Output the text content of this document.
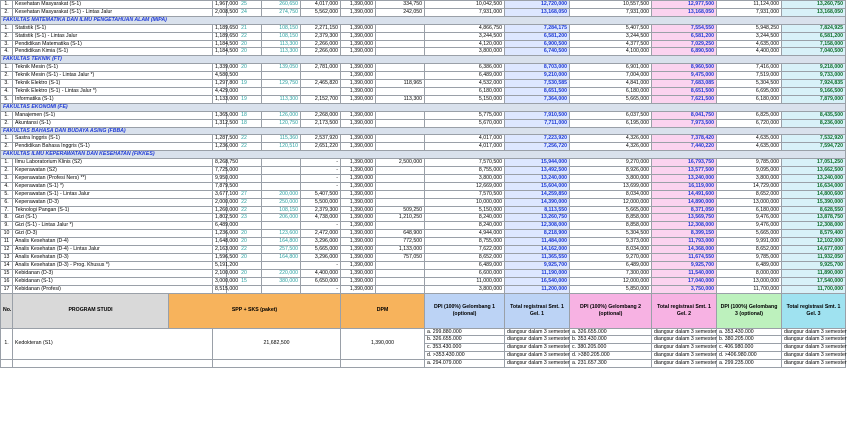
1.	Kesehatan Masyarakat (S-1)		1,967,000	25	260,650	4,017,000	1,390,000	334,750	10,042,500	12,720,000	10,557,500	12,977,500	11,124,000	13,260,750
2.	Kesehatan Masyarakat (S-1) - Lintas Jalur		2,008,500	24	274,750	5,562,000	1,390,000	242,050	7,931,000	13,168,050	7,931,000	13,168,050	7,931,000	13,168,050
FAKULTAS MATEMATIKA DAN ILMU PENGETAHUAN ALAM (MIPA)														
1.	Statistik (S-1)		1,189,650	21	108,150	2,271,150	1,390,000		4,866,750	7,284,175	5,407,500	7,554,550	5,948,250	7,824,925
2.	Statistik (S-1) - Lintas Jalur		1,189,650	22	108,150	2,379,300	1,390,000		3,244,500	6,581,200	3,244,500	6,581,200	3,244,500	6,581,200
3.	Pendidikan Matematika (S-1)		1,184,500	20	113,300	2,266,000	1,390,000		4,120,000	6,900,500	4,377,500	7,029,250	4,635,000	7,158,000
4.	Pendidikan Kimia (S-1)		1,184,500	20	113,300	2,266,000	1,390,000		3,800,000	6,740,500	4,100,000	6,890,500	4,400,000	7,040,500
FAKULTAS TEKNIK (FT)														
1.	Teknik Mesin (S-1)		1,339,000	20	139,050	2,781,000	1,390,000		6,386,000	8,703,000	6,901,000	8,960,500	7,416,000	9,218,000
2.	Teknik Mesin (S-1) - Lintas Jalur *)		4,580,500				1,390,000		6,489,000	9,210,000	7,004,000	9,475,000	7,519,000	9,733,000
3.	Teknik Elektro (S-1)		1,297,800	19	129,750	2,465,820	1,390,000	118,965	4,532,000	7,530,585	4,841,000	7,683,085	5,304,500	7,924,835
4.	Teknik Elektro (S-1) - Lintas Jalur *)		4,429,000				1,390,000		6,180,000	8,651,500	6,180,000	8,651,500	6,695,000	9,166,500
5.	Informatika (S-1)		1,133,000	19	113,300	2,152,700	1,390,000	113,300	5,150,000	7,364,000	5,665,000	7,621,500	6,180,000	7,879,000
FAKULTAS EKONOMI (FE)														
1.	Manajemen (S-1)		1,365,000	18	126,000	2,268,000	1,390,000		5,775,000	7,910,500	6,037,500	8,041,750	6,825,000	8,435,500
2.	Akuntansi (S-1)		1,312,500	18	120,750	2,173,500	1,390,000		5,670,000	7,711,000	6,195,000	7,973,500	6,720,000	8,236,000
FAKULTAS BAHASA DAN BUDAYA ASING (FBBA)														
1.	Sastra Inggris (S-1)		1,287,500	22	115,360	2,537,920	1,390,000		4,017,000	7,223,920	4,326,000	7,378,420	4,635,000	7,532,920
2.	Pendidikan Bahasa Inggris (S-1)		1,236,000	22	120,510	2,651,220	1,390,000		4,017,000	7,256,720	4,326,000	7,440,220	4,635,000	7,594,720
FAKULTAS ILMU KEPERAWATAN DAN KESEHATAN (FIKKES)														
1.	Ilmu Laboratorium Klinis (S2)		8,268,750			-	1,390,000	2,500,000	7,570,500	15,944,000	9,270,000	16,793,750	9,785,000	17,051,250
2.	Keperawatan (S2)		7,725,000			-	1,390,000		8,755,000	13,492,500	8,926,000	13,577,500	9,095,000	13,662,500
3.	Keperawatan (Profesi Ners) **)		9,950,000			-	1,390,000		3,800,000	13,240,000	3,800,000	13,240,000	3,800,000	13,240,000
4.	Keperawatan (S-1) *)		7,879,500			-	1,390,000		12,669,000	15,604,000	13,699,000	16,119,000	14,729,000	16,634,000
5.	Keperawatan (S-1) - Lintas Jalur		3,677,100	27	200,000	5,407,500	1,390,000		7,570,500	14,259,850	8,034,000	14,491,600	8,652,000	14,800,600
6.	Keperawatan (D-3)		2,000,000	22	250,000	5,500,000	1,390,000		10,000,000	14,390,000	12,000,000	14,890,000	13,000,000	15,390,000
7.	Teknologi Pangan (S-1)		1,260,000	22	108,150	2,379,300	1,390,000	509,250	5,150,000	8,113,550	5,665,000	8,371,050	6,180,000	8,628,550
8.	Gizi (S-1)		1,802,500	23	206,000	4,738,000	1,390,000	1,210,250	8,240,000	13,260,750	8,858,000	13,569,750	9,476,000	13,878,750
9.	Gizi (S-1) - Lintas Jalur *)		6,489,000			-	1,390,000		8,240,000	12,308,000	8,858,000	12,308,000	9,476,000	12,308,000
10	Gizi (D-3)		1,236,000	20	123,600	2,472,000	1,390,000	648,900	4,944,000	8,218,900	5,304,500	8,399,150	5,665,000	8,579,400
11	Analis Kesehatan (D-4)		1,648,000	20	164,800	3,296,000	1,390,000	772,500	8,755,000	11,484,000	9,373,000	11,793,000	9,991,000	12,102,000
12	Analis Kesehatan (D-4) - Lintas Jalur		2,163,000	22	257,500	5,665,000	1,390,000	1,133,000	7,622,000	14,162,000	8,034,000	14,368,000	8,652,000	14,677,000
13	Analis Kesehatan (D-3)		1,596,500	20	164,800	3,296,000	1,390,000	757,050	8,652,000	11,365,550	9,270,000	11,674,550	9,785,000	11,932,050
14	Analis Kesehatan (D-3) - Prog. Khusus *)		5,191,200			-	1,390,000		6,489,000	9,925,700	6,489,000	9,925,700	6,489,000	9,925,700
15	Kebidanan (D-3)		2,100,000	20	220,000	4,400,000	1,390,000		6,600,000	11,190,000	7,300,000	11,540,000	8,000,000	11,890,000
16	Kebidanan (S-1)		3,000,000	15	380,000	6,650,000	1,390,000		11,000,000	16,540,000	12,000,000	17,040,000	13,000,000	17,540,000
17	Kebidanan (Profesi)		8,515,000			-	1,390,000		3,800,000	11,200,000	5,850,000	3,750,000	11,700,000	11,700,000
No.	PROGRAM STUDI	SPP + SKS (paket)					DPM		DPI (100%) Gelombang 1 (optional)	Total registrasi Smt. 1 Gel. 1	DPI (100%) Gelombang 2 (optional)	Total registrasi Smt. 1 Gel. 2	DPI (100%) Gelombang 3 (optional)	Total registrasi Smt. 1 Gel. 3
1.	Kedokteran (S1)		21,682,500				1,390,000		a. 299.880.000	diangsur dalam 3 semester	a. 326.655.000	diangsur dalam 3 semester	a. 353.430.000	diangsur dalam 3 semester
									b. 326.655.000	diangsur dalam 3 semester	b. 353.430.000	diangsur dalam 3 semester	b. 380.205.000	diangsur dalam 3 semester
									c. 353.430.000	diangsur dalam 3 semester	c. 380.205.000	diangsur dalam 3 semester	c. 406.980.000	diangsur dalam 3 semester
									d. >353.430.000	diangsur dalam 3 semester	d. >380.205.000	diangsur dalam 3 semester	d. >406.980.000	diangsur dalam 3 semester
									a. 294.079.000	diangsur dalam 3 semester	a. 231.657.300	diangsur dalam 3 semester	a. 299.235.000	diangsur dalam 3 semester
